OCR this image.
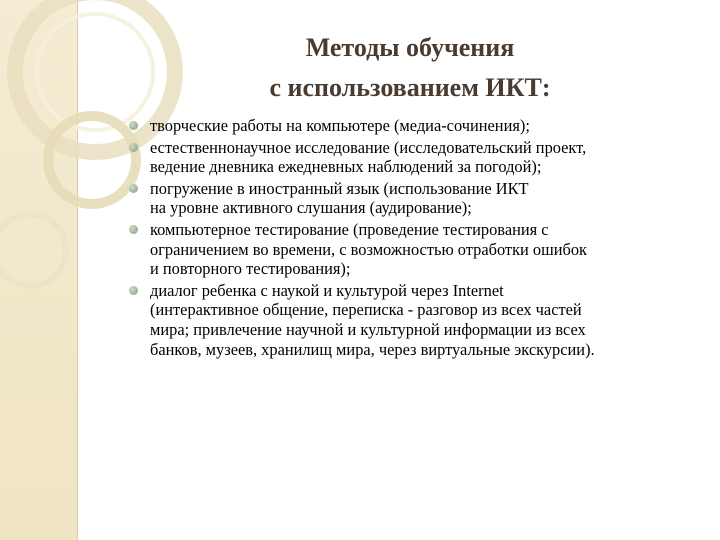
Методы обучения
с использованием ИКТ:
творческие работы на компьютере (медиа-сочинения);
естественнонаучное исследование (исследовательский проект,
ведение дневника ежедневных наблюдений за погодой);
погружение в иностранный язык (использование ИКТ
на уровне активного слушания (аудирование);
компьютерное тестирование (проведение тестирования с
ограничением во времени, с возможностью отработки ошибок
и повторного тестирования);
диалог ребенка с наукой и культурой через Internet
(интерактивное общение, переписка - разговор из всех частей
мира; привлечение научной и культурной информации из всех
банков, музеев, хранилищ мира, через виртуальные экскурсии).
